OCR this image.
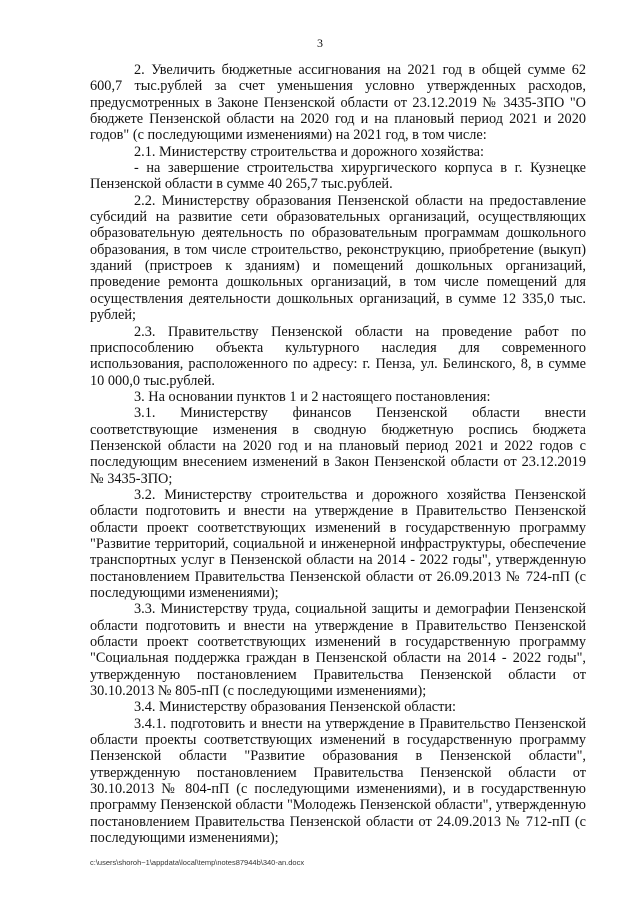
3

2. Увеличить бюджетные ассигнования на 2021 год в общей сумме 62 600,7 тыс.рублей за счет уменьшения условно утвержденных расходов, предусмотренных в Законе Пензенской области от 23.12.2019 № 3435-ЗПО "О бюджете Пензенской области на 2020 год и на плановый период 2021 и 2020 годов" (с последующими изменениями) на 2021 год, в том числе:

2.1. Министерству строительства и дорожного хозяйства:

- на завершение строительства хирургического корпуса в г. Кузнецке Пензенской области в сумме 40 265,7 тыс.рублей.

2.2. Министерству образования Пензенской области на предоставление субсидий на развитие сети образовательных организаций, осуществляющих образовательную деятельность по образовательным программам дошкольного образования, в том числе строительство, реконструкцию, приобретение (выкуп) зданий (пристроев к зданиям) и помещений дошкольных организаций, проведение ремонта дошкольных организаций, в том числе помещений для осуществления деятельности дошкольных организаций, в сумме 12 335,0 тыс. рублей;

2.3. Правительству Пензенской области на проведение работ по приспособлению объекта культурного наследия для современного использования, расположенного по адресу: г. Пенза, ул. Белинского, 8, в сумме 10 000,0 тыс.рублей.

3. На основании пунктов 1 и 2 настоящего постановления:

3.1. Министерству финансов Пензенской области внести соответствующие изменения в сводную бюджетную роспись бюджета Пензенской области на 2020 год и на плановый период 2021 и 2022 годов с последующим внесением изменений в Закон Пензенской области от 23.12.2019 № 3435-ЗПО;

3.2. Министерству строительства и дорожного хозяйства Пензенской области подготовить и внести на утверждение в Правительство Пензенской области проект соответствующих изменений в государственную программу "Развитие территорий, социальной и инженерной инфраструктуры, обеспечение транспортных услуг в Пензенской области на 2014 - 2022 годы", утвержденную постановлением Правительства Пензенской области от 26.09.2013 № 724-пП (с последующими изменениями);

3.3. Министерству труда, социальной защиты и демографии Пензенской области подготовить и внести на утверждение в Правительство Пензенской области проект соответствующих изменений в государственную программу "Социальная поддержка граждан в Пензенской области на 2014 - 2022 годы", утвержденную постановлением Правительства Пензенской области от 30.10.2013 № 805-пП (с последующими изменениями);

3.4. Министерству образования Пензенской области:

3.4.1. подготовить и внести на утверждение в Правительство Пензенской области проекты соответствующих изменений в государственную программу Пензенской области "Развитие образования в Пензенской области", утвержденную постановлением Правительства Пензенской области от 30.10.2013 № 804-пП (с последующими изменениями), и в государственную программу Пензенской области "Молодежь Пензенской области", утвержденную постановлением Правительства Пензенской области от 24.09.2013 № 712-пП (с последующими изменениями);

c:\users\shoroh~1\appdata\local\temp\notes87944b\340-an.docx
